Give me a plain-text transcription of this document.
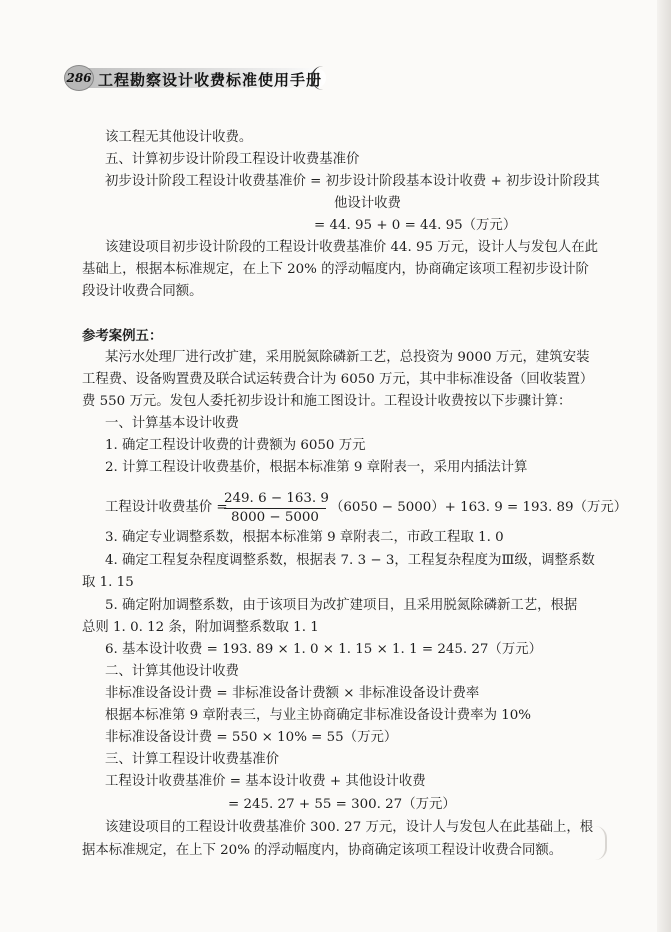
286 工程勘察设计收费标准使用手册
该工程无其他设计收费。
五、计算初步设计阶段工程设计收费基准价
初步设计阶段工程设计收费基准价 = 初步设计阶段基本设计收费 + 初步设计阶段其
他设计收费
= 44. 95 + 0 = 44. 95（万元）
该建设项目初步设计阶段的工程设计收费基准价 44. 95 万元，设计人与发包人在此
基础上，根据本标准规定，在上下 20% 的浮动幅度内，协商确定该项工程初步设计阶
段设计收费合同额。
参考案例五：
某污水处理厂进行改扩建，采用脱氮除磷新工艺，总投资为 9000 万元，建筑安装
工程费、设备购置费及联合试运转费合计为 6050 万元，其中非标准设备（回收装置）
费 550 万元。发包人委托初步设计和施工图设计。工程设计收费按以下步骤计算：
一、计算基本设计收费
1. 确定工程设计收费的计费额为 6050 万元
2. 计算工程设计收费基价，根据本标准第 9 章附表一，采用内插法计算
工程设计收费基价 =
$\frac{249. 6 - 163. 9}{8000 - 5000} (6050 - 5000)+ 163$. 9 = 193. 89（万元）
3. 确定专业调整系数，根据本标准第 9 章附表二，市政工程取 1. 0
4. 确定工程复杂程度调整系数，根据表 7. 3 − 3，工程复杂程度为Ⅲ级，调整系数
取 1. 15
5. 确定附加调整系数，由于该项目为改扩建项目，且采用脱氮除磷新工艺，根据
总则 1. 0. 12 条，附加调整系数取 1. 1
6. 基本设计收费 = 193. 89 × 1. 0 × 1. 15 × 1. 1 = 245. 27（万元）
二、计算其他设计收费
非标准设备设计费 = 非标准设备计费额 × 非标准设备设计费率
根据本标准第 9 章附表三，与业主协商确定非标准设备设计费率为 10%
非标准设备设计费 = 550 × 10% = 55（万元）
三、计算工程设计收费基准价
工程设计收费基准价 = 基本设计收费 + 其他设计收费
= 245. 27 + 55 = 300. 27（万元）
该建设项目的工程设计收费基准价 300. 27 万元，设计人与发包人在此基础上，根
据本标准规定，在上下 20% 的浮动幅度内，协商确定该项工程设计收费合同额。
